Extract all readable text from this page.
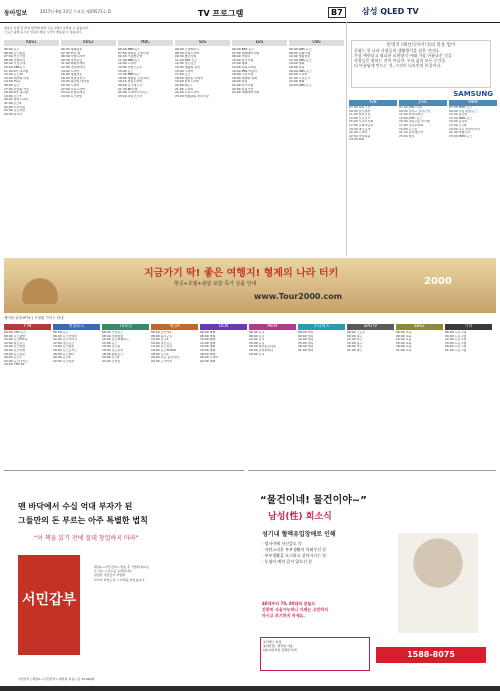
동아일보	2017년 8월 23일 수요일 제29571호 D	TV 프로그램	B7	삼성 QLED TV
방송사 사정 및 편성 변경에 따라 프로그램이 달라질 수 있습니다.
스포츠 중계 등으로 인하여 방송 시간이 변동될 수 있습니다.
KBS1
05:00 뉴스
06:00 뉴스광장
07:50 인간극장
08:25 아침마당
09:40 가요무대
10:00 KBS뉴스
11:00 6시 내고향
12:00 뉴스12
13:00 세상의 아침
14:00 TV쇼
16:00 뉴스
17:00 사랑의 가족
18:00 6시 내고향
19:00 뉴스7
20:25 일일드라마
21:00 뉴스9
22:00 시사기획
23:30 뉴스라인
24:30 한국사
KBS2
06:00 생생정보
07:30 TV소설
08:30 아침드라마
09:30 여유만만
11:00 해피투게더
12:30 국악한마당
14:00 드라마
16:00 생생정보
18:00 일일연속극
19:00 황금빛 내인생
20:30 드라마
22:00 수목드라마
23:10 안녕하세요
24:30 뉴스타임
MBC
06:00 MBC뉴스
07:50 생방송 오늘아침
09:30 기분좋은날
11:00 MBC뉴스
12:00 드라마
13:00 리얼스토리
15:00 뉴스
17:00 MBC뉴스
18:00 생방송 오늘저녁
19:15 일일드라마
20:00 뉴스데스크
21:30 PD수첩
22:00 수목미니시리즈
23:10 라디오스타
SBS
06:00 모닝와이드
08:30 아침드라마
09:30 좋은아침
11:00 SBS 뉴스
12:00 정오뉴스
13:00 생활의 달인
15:00 드라마
17:00 뉴스
18:00 생방송 투데이
19:00 일일드라마
20:00 8뉴스
21:00 드라마
22:00 수목드라마
23:20 백종원의 골목식당
EBS
06:00 EBS 뉴스
07:00 세계테마기행
08:00 어린이
10:00 한국기행
12:00 명의
14:00 다큐프라임
16:00 EBS 어린이
18:00 극한직업
19:00 세계의 명화
20:00 다큐
21:00 한국기행
22:00 다큐시선
23:00 세계테마기행
OBS
06:00 OBS 뉴스
08:00 문화기행
10:00 생활정보
12:00 OBS 뉴스
14:00 영화
16:00 다큐
18:00 OBS 뉴스
20:00 드라마
21:00 시사토크
22:00 영화
24:00 OBS 뉴스
문명지 (패션디자이너)의 말을 빌어
문화는 한 나라 사람들의 생활방식을 담은 것이다.
가장 세련되고 정교한 표현방식 아래 가장 아름다운 것을
사람들은 원하는 것이 아닐까. 우리 삶의 모든 순간을
더 아름답게 만드는 것, 그것이 디자인의 본질이다.
SAMSUNG
tvN
07:00 tvN 모닝
09:00 삼시세끼
11:00 알쓸신잡
13:00 신서유기
15:00 수요미식회
17:00 문제적남자
19:00 명단공개
20:40 드라마
22:50 비밀의숲
24:00 SNL
JTBC
07:00 JTBC 아침
09:00 잘먹고 잘사는법
11:00 비정상회담
13:00 JTBC 뉴스
15:00 냉장고를 부탁해
17:00 정치부회의
19:00 뉴스룸
21:30 효리네민박
23:00 썰전
MBN
07:00 MBN 뉴스
09:00 아침 종합뉴스
11:00 황금알
13:00 MBN 뉴스
15:00 동치미
17:00 뉴스8
19:00 나는 자연인이다
21:00 비행소녀
23:00 MBN 뉴스
지금가기 딱! 좋은 여행지! 형제의 나라 터키
항공+호텔+관광 포함 특가 상품 안내
www.Tour2000.com
2000
케이블·위성·IPTV | 시청률 가이드 안내
YTN
06:00 YTN 뉴스
08:00 뉴스출발
10:00 뉴스N이슈
12:00 정오뉴스
14:00 뉴스현장
16:00 뉴스타워
18:00 뉴스특보
20:00 뉴스Y
22:00 뉴스나이트
24:00 YTN 24
연합뉴스
06:00 뉴스
08:00 뉴스투데이
10:00 뉴스라이브
12:00 정오뉴스
14:00 뉴스현장
16:00 뉴스포커스
18:00 뉴스센터
20:00 뉴스9
22:00 뉴스워치
TV조선
06:00 모닝뉴스
08:00 신통방통
10:00 뉴스퍼레이드
12:00 뉴스
14:00 뉴스판
16:00 보도본부
18:00 종합뉴스
20:00 뉴스9
22:00 강적들
채널A
06:00 굿모닝A
08:00 돌직구쇼
10:00 뉴스A
12:00 정오뉴스
14:00 뉴스특급
16:00 뉴스TOP10
18:00 뉴스A
20:00 나는 몸신이다
22:00 도시어부
OCN
06:00 영화
08:00 영화
10:00 영화
12:00 영화
14:00 영화
16:00 영화
18:00 영화
20:00 드라마
22:00 영화
Mnet
06:00 뮤직
09:00 뮤직
12:00 뮤직
15:00 뮤직
18:00 엠카운트다운
20:00 쇼미더머니
22:00 뮤직
투니버스
06:00 애니
09:00 애니
12:00 애니
15:00 애니
18:00 애니
21:00 애니
SPOTV
06:00 스포츠
09:00 축구
12:00 야구
15:00 농구
18:00 야구
21:00 축구
EBS2
06:00 교육
09:00 교육
12:00 교육
15:00 교육
18:00 교육
21:00 교육
기타
06:00 프로그램
09:00 프로그램
12:00 프로그램
15:00 프로그램
18:00 프로그램
21:00 프로그램
맨 바닥에서 수십 억대 부자가 된
그들만의 돈 부르는 아주 특별한 법칙
“이 책을 읽기 전에 절대 창업하지 마라”
서민갑부
채널A <서민갑부> 방송 후 가볍게 떠나는
돈 버는 노하우를 공개합니다.
평범한 사람들이 어떻게
부자가 되었는지 그 비밀을 담았습니다.
서민갑부 | 채널A <서민갑부> 제작팀 지음 | 값 15,000원
“물건이네! 물건이야~”
남성(性) 희소식
성기내 혈액유입장애로 인해
· 정자이에 자신감도 뚝
· 자연스러운 부부생활이 어려우신 분
· 부부생활을 포기하고 살아가시는 분
· 동생이 예전 같지 않으신 분
40대부터 70, 80대의 분들도
간편히 사용가능하니 이제는 고민하지
마시고 포기하지 마세요.
조이맥스 특징
효과만점 · 편리한 사용
1분이내 착용 간편한 부착	1588-8075
